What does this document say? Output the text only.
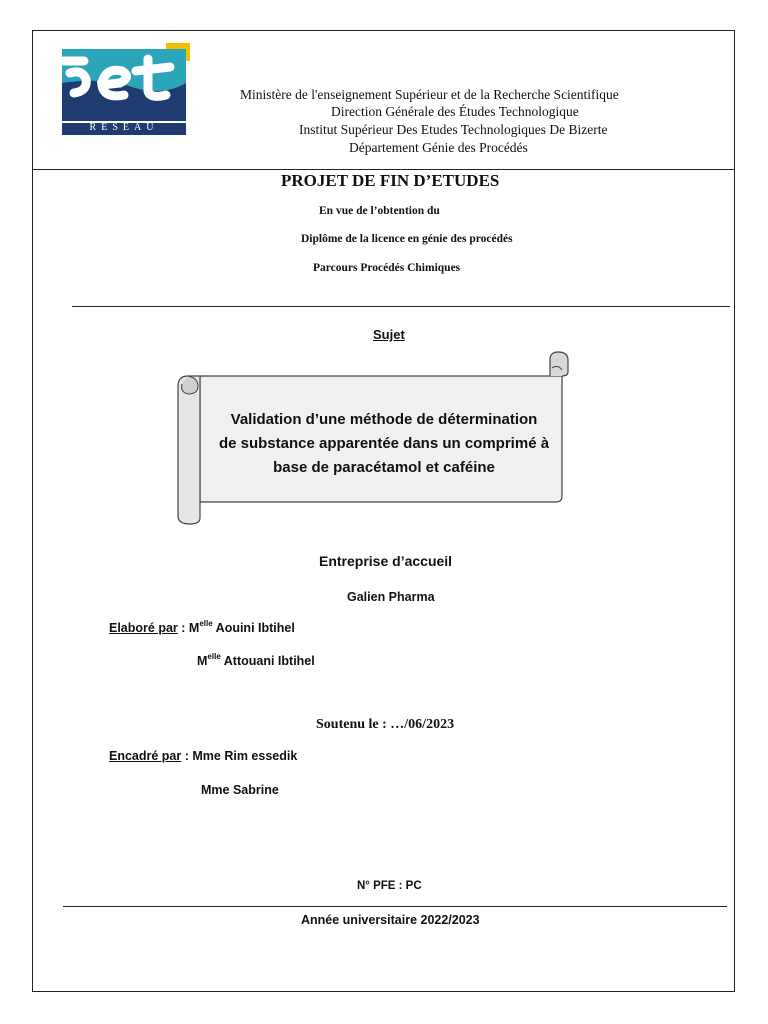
RÉSEAU
Ministère de l'enseignement Supérieur et de la Recherche Scientifique
Direction Générale des Études Technologique
Institut Supérieur Des Etudes Technologiques De Bizerte
Département Génie des Procédés
PROJET DE FIN D’ETUDES
En vue de l’obtention du
Diplôme de la licence en génie des procédés
Parcours Procédés Chimiques
Sujet
Validation d’une méthode de détermination
de substance apparentée dans un comprimé à
base de paracétamol et caféine
Entreprise d’accueil
Galien Pharma
Elaboré par : $M^{elle}$ Aouini Ibtihel
$M^{elle}$ Attouani Ibtihel
Soutenu le : …/06/2023
Encadré par : Mme Rim essedik
Mme Sabrine
N° PFE : PC
Année universitaire 2022/2023
